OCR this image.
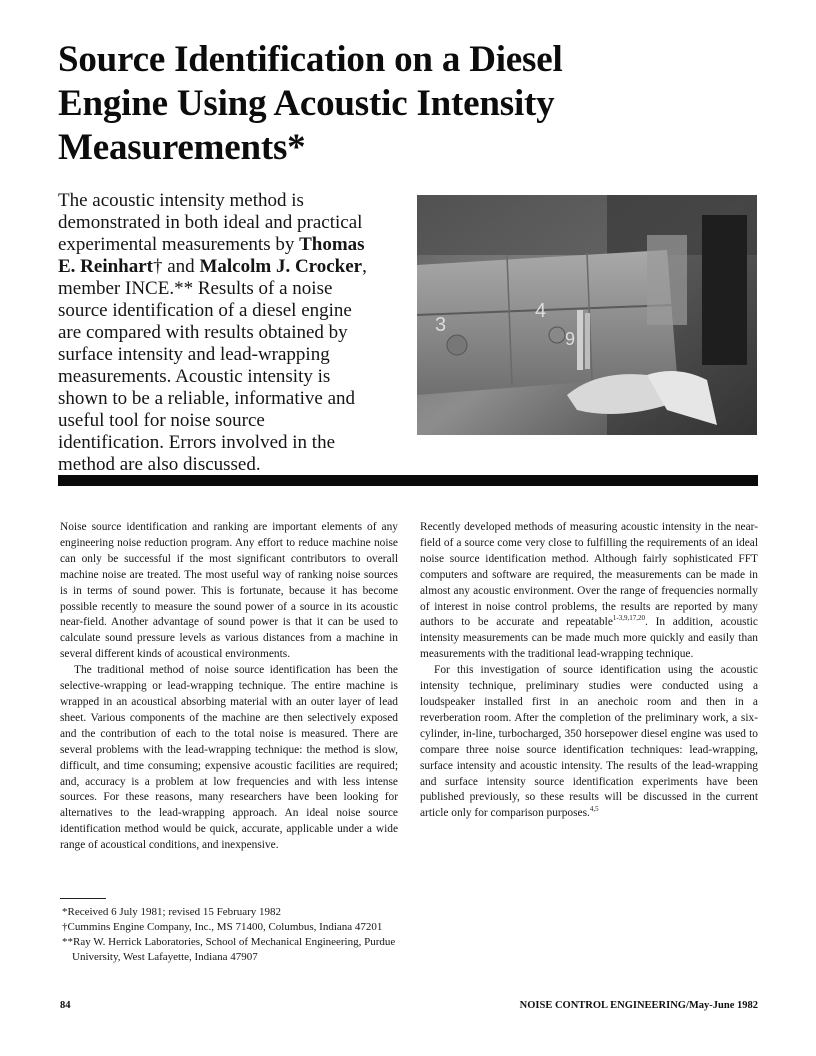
Source Identification on a Diesel
Engine Using Acoustic Intensity
Measurements*
The acoustic intensity method is
demonstrated in both ideal and practical
experimental measurements by Thomas
E. Reinhart† and Malcolm J. Crocker,
member INCE.** Results of a noise
source identification of a diesel engine
are compared with results obtained by
surface intensity and lead-wrapping
measurements. Acoustic intensity is
shown to be a reliable, informative and
useful tool for noise source
identification. Errors involved in the
method are also discussed.
3
4
9

Noise source identification and ranking are important elements of any engineering noise reduction program. Any effort to reduce machine noise can only be successful if the most significant contributors to overall machine noise are treated. The most useful way of ranking noise sources is in terms of sound power. This is fortunate, because it has become possible recently to measure the sound power of a source in its acoustic near-field. Another advantage of sound power is that it can be used to calculate sound pressure levels as various distances from a machine in several different kinds of acoustical environments.

The traditional method of noise source identification has been the selective-wrapping or lead-wrapping technique. The entire machine is wrapped in an acoustical absorbing material with an outer layer of lead sheet. Various components of the machine are then selectively exposed and the contribution of each to the total noise is measured. There are several problems with the lead-wrapping technique: the method is slow, difficult, and time consuming; expensive acoustic facilities are required; and, accuracy is a problem at low frequencies and with less intense sources. For these reasons, many researchers have been looking for alternatives to the lead-wrapping approach. An ideal noise source identification method would be quick, accurate, applicable under a wide range of acoustical conditions, and inexpensive.

Recently developed methods of measuring acoustic intensity in the near-field of a source come very close to fulfilling the requirements of an ideal noise source identification method. Although fairly sophisticated FFT computers and software are required, the measurements can be made in almost any acoustic environment. Over the range of frequencies normally of interest in noise control problems, the results are reported by many authors to be accurate and repeatable$^{1-3,9,17,20}$. In addition, acoustic intensity measurements can be made much more quickly and easily than measurements with the traditional lead-wrapping technique.

For this investigation of source identification using the acoustic intensity technique, preliminary studies were conducted using a loudspeaker installed first in an anechoic room and then in a reverberation room. After the completion of the preliminary work, a six-cylinder, in-line, turbocharged, 350 horsepower diesel engine was used to compare three noise source identification techniques: lead-wrapping, surface intensity and acoustic intensity. The results of the lead-wrapping and surface intensity source identification experiments have been published previously, so these results will be discussed in the current article only for comparison purposes.$^{4,5}$

*Received 6 July 1981; revised 15 February 1982
†Cummins Engine Company, Inc., MS 71400, Columbus, Indiana 47201
**Ray W. Herrick Laboratories, School of Mechanical Engineering, Purdue University, West Lafayette, Indiana 47907
84	NOISE CONTROL ENGINEERING/May-June 1982
